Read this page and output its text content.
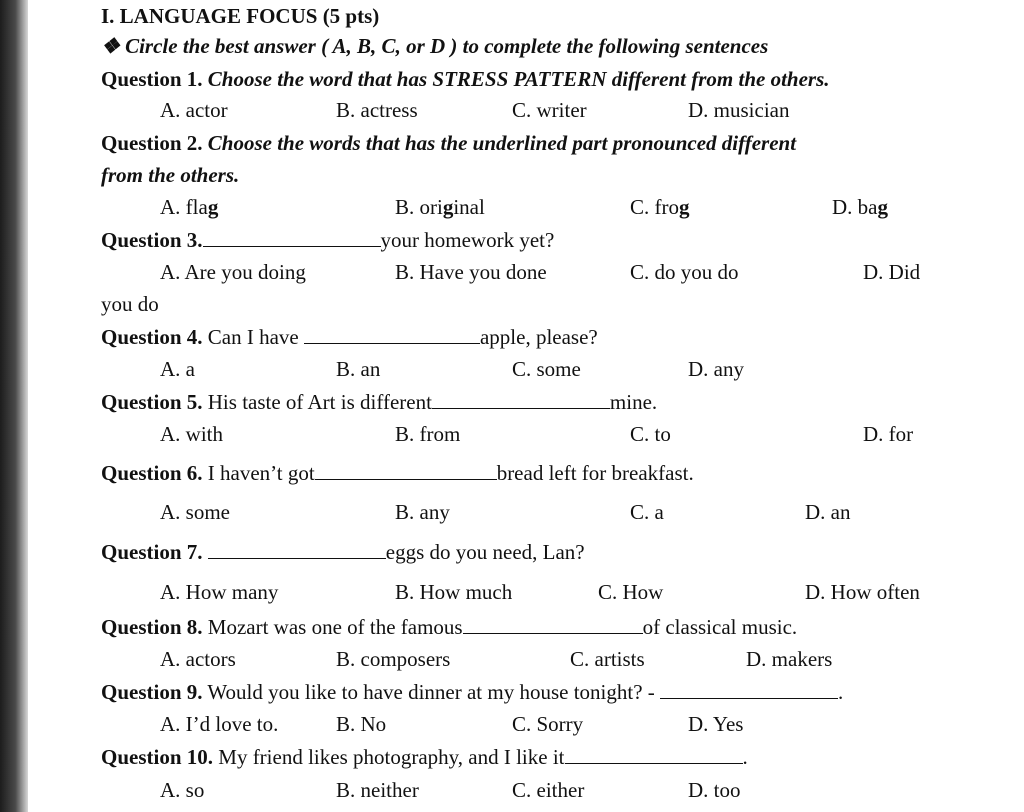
I. LANGUAGE FOCUS (5 pts)
❖ Circle the best answer ( A, B, C, or D ) to complete the following sentences
Question 1. Choose the word that has STRESS PATTERN different from the others.
A. actor	B. actress	C. writer	D. musician
Question 2. Choose the words that has the underlined part pronounced different
from the others.
A. flag	B. original	C. frog	D. bag
Question 3.	your homework yet?
A. Are you doing	B. Have you done	C. do you do	D. Did
you do
Question 4. Can I have	apple, please?
A. a	B. an	C. some	D. any
Question 5. His taste of Art is different	mine.
A. with	B. from	C. to	D. for
Question 6. I haven’t got	bread left for breakfast.
A. some	B. any	C. a	D. an
Question 7.	eggs do you need, Lan?
A. How many	B. How much	C. How	D. How often
Question 8. Mozart was one of the famous	of classical music.
A. actors	B. composers	C. artists	D. makers
Question 9. Would you like to have dinner at my house tonight? -	.
A. I’d love to.	B. No	C. Sorry	D. Yes
Question 10. My friend likes photography, and I like it	.
A. so	B. neither	C. either	D. too
